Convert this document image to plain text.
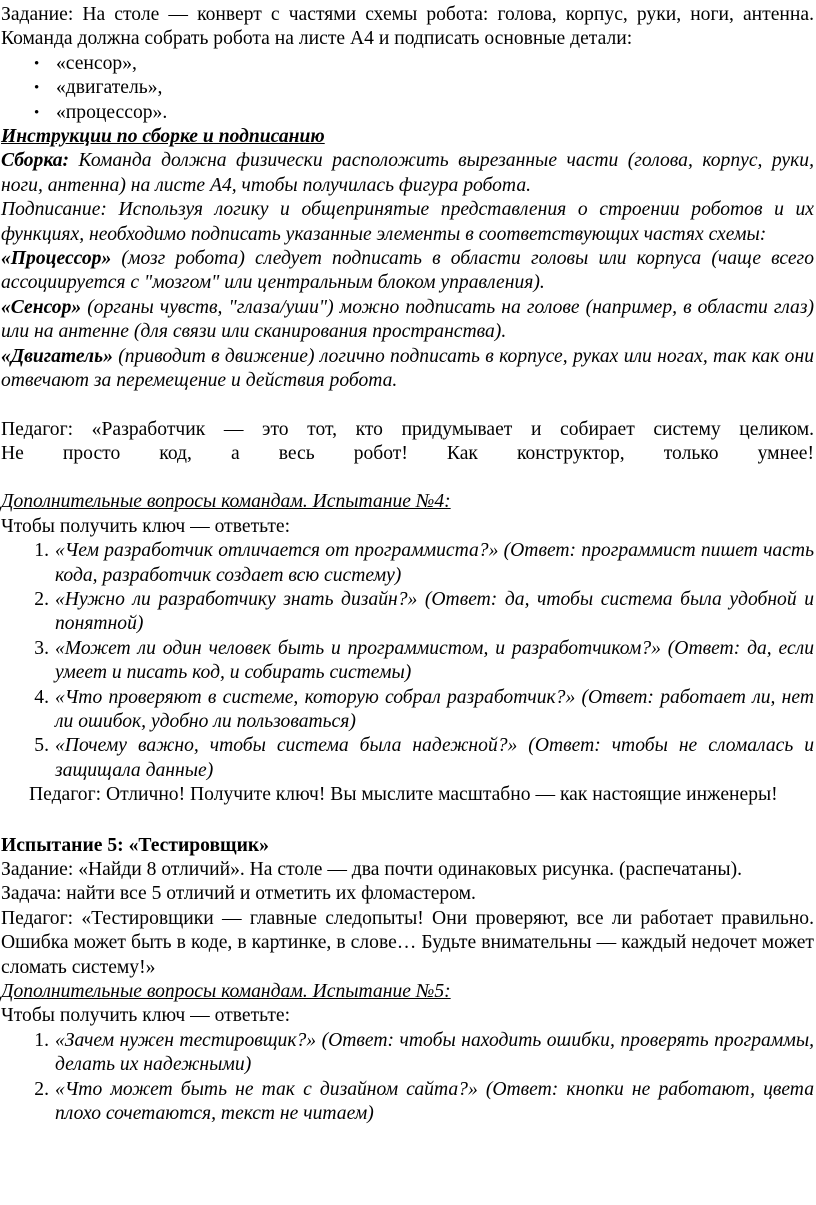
Задание: На столе — конверт с частями схемы робота: голова, корпус, руки, ноги, антенна. Команда должна собрать робота на листе А4 и подписать основные детали:

• «сенсор»,
• «двигатель»,
• «процессор».

Инструкции по сборке и подписанию

Сборка: Команда должна физически расположить вырезанные части (голова, корпус, руки, ноги, антенна) на листе А4, чтобы получилась фигура робота.

Подписание: Используя логику и общепринятые представления о строении роботов и их функциях, необходимо подписать указанные элементы в соответствующих частях схемы:

«Процессор» (мозг робота) следует подписать в области головы или корпуса (чаще всего ассоциируется с "мозгом" или центральным блоком управления).

«Сенсор» (органы чувств, "глаза/уши") можно подписать на голове (например, в области глаз) или на антенне (для связи или сканирования пространства).

«Двигатель» (приводит в движение) логично подписать в корпусе, руках или ногах, так как они отвечают за перемещение и действия робота.

Педагог: «Разработчик — это тот, кто придумывает и собирает систему целиком.

Не просто код, а весь робот! Как конструктор, только умнее!

Дополнительные вопросы командам. Испытание №4:

Чтобы получить ключ — ответьте:

1. «Чем разработчик отличается от программиста?» (Ответ: программист пишет часть кода, разработчик создает всю систему)
2. «Нужно ли разработчику знать дизайн?» (Ответ: да, чтобы система была удобной и понятной)
3. «Может ли один человек быть и программистом, и разработчиком?» (Ответ: да, если умеет и писать код, и собирать системы)
4. «Что проверяют в системе, которую собрал разработчик?» (Ответ: работает ли, нет ли ошибок, удобно ли пользоваться)
5. «Почему важно, чтобы система была надежной?» (Ответ: чтобы не сломалась и защищала данные)

Педагог: Отлично! Получите ключ! Вы мыслите масштабно — как настоящие инженеры!

Испытание 5: «Тестировщик»

Задание: «Найди 8 отличий». На столе — два почти одинаковых рисунка. (распечатаны).

Задача: найти все 5 отличий и отметить их фломастером.

Педагог: «Тестировщики — главные следопыты! Они проверяют, все ли работает правильно. Ошибка может быть в коде, в картинке, в слове… Будьте внимательны — каждый недочет может сломать систему!»

Дополнительные вопросы командам. Испытание №5:

Чтобы получить ключ — ответьте:

1. «Зачем нужен тестировщик?» (Ответ: чтобы находить ошибки, проверять программы, делать их надежными)
2. «Что может быть не так с дизайном сайта?» (Ответ: кнопки не работают, цвета плохо сочетаются, текст не читаем)
